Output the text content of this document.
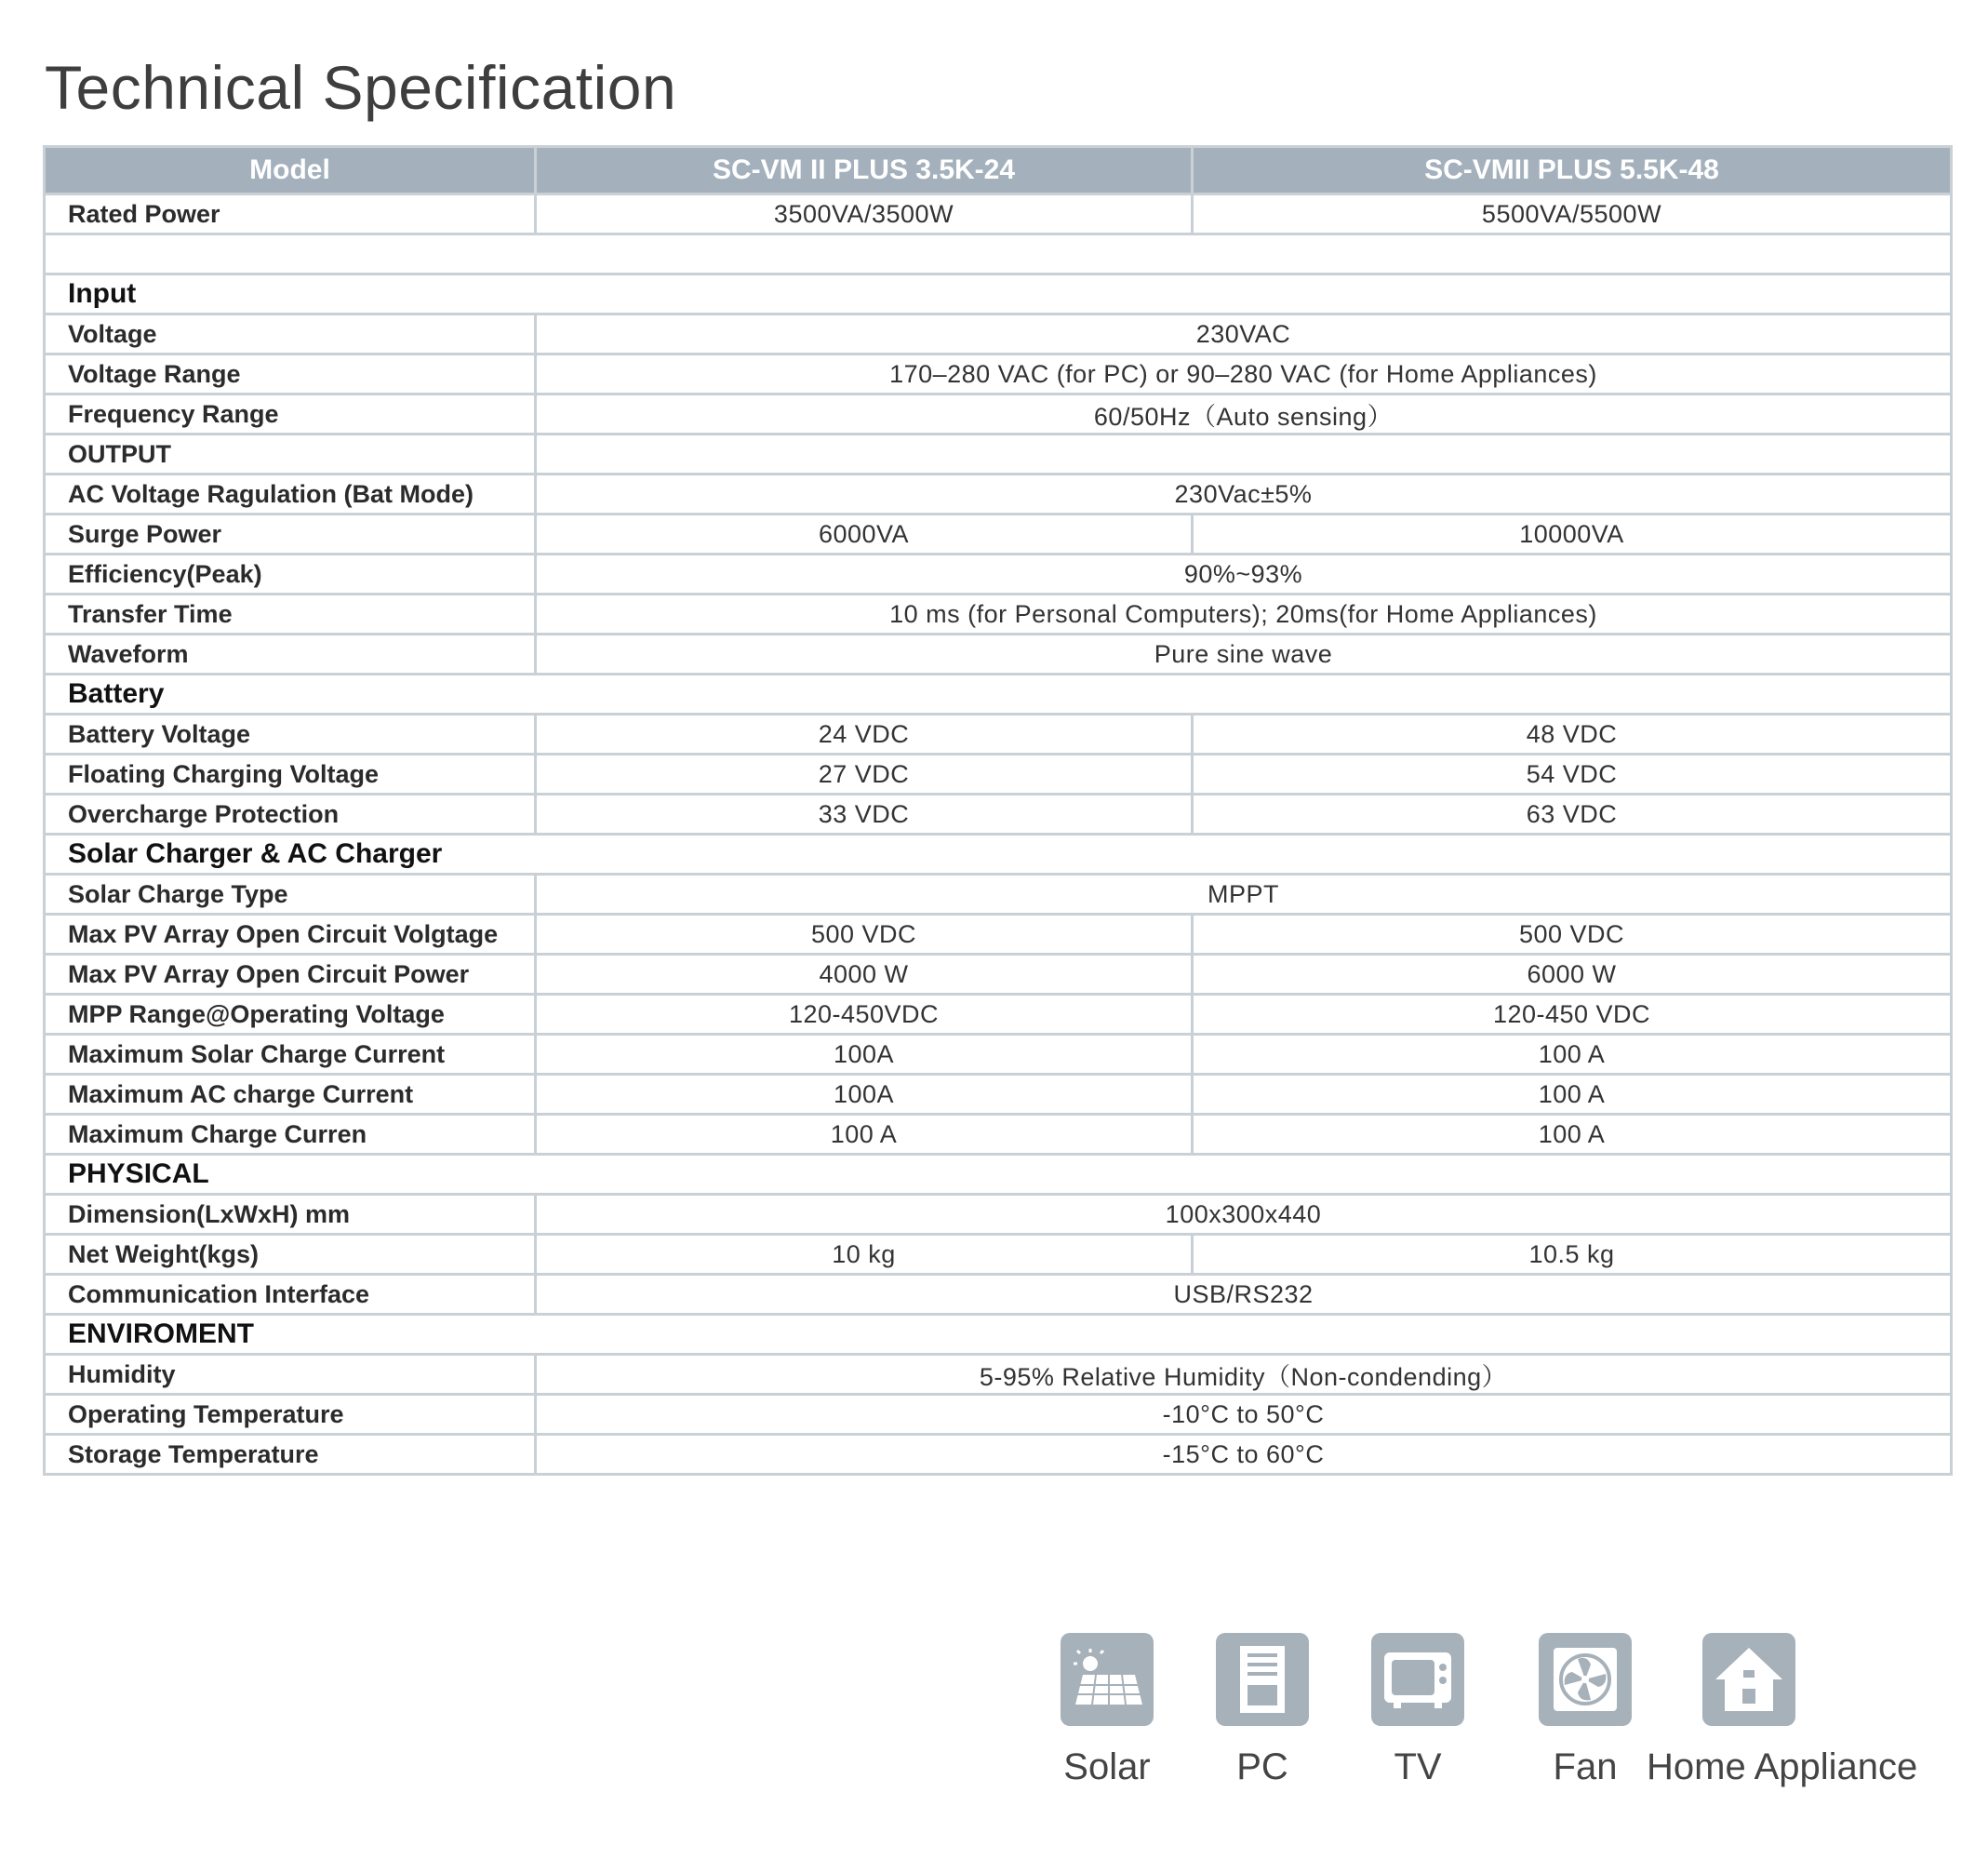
Technical Specification
Model	SC-VM II PLUS 3.5K-24	SC-VMII PLUS 5.5K-48
Rated Power	3500VA/3500W	5500VA/5500W

Input		
Voltage	230VAC	
Voltage Range	170–280 VAC (for PC) or 90–280 VAC (for Home Appliances)	
Frequency Range	60/50Hz（Auto sensing）	
OUTPUT		
AC Voltage Ragulation (Bat Mode)	230Vac±5%	
Surge Power	6000VA	10000VA
Efficiency(Peak)	90%~93%	
Transfer Time	10 ms (for Personal Computers); 20ms(for Home Appliances)	
Waveform	Pure sine wave	
Battery		
Battery Voltage	24 VDC	48 VDC
Floating Charging Voltage	27 VDC	54 VDC
Overcharge Protection	33 VDC	63 VDC
Solar Charger & AC Charger		
Solar Charge Type	MPPT	
Max PV Array Open Circuit Volgtage	500 VDC	500 VDC
Max PV Array Open Circuit Power	4000 W	6000 W
MPP Range@Operating Voltage	120-450VDC	120-450 VDC
Maximum Solar Charge Current	100A	100 A
Maximum AC charge Current	100A	100 A
Maximum Charge Curren	100 A	100 A
PHYSICAL		
Dimension(LxWxH) mm	100x300x440	
Net Weight(kgs)	10 kg	10.5 kg
Communication Interface	USB/RS232	
ENVIROMENT		
Humidity	5-95% Relative Humidity（Non-condending）	
Operating Temperature	-10°C to 50°C	
Storage Temperature	-15°C to 60°C	
Solar	PC	TV	Fan Home Appliance
